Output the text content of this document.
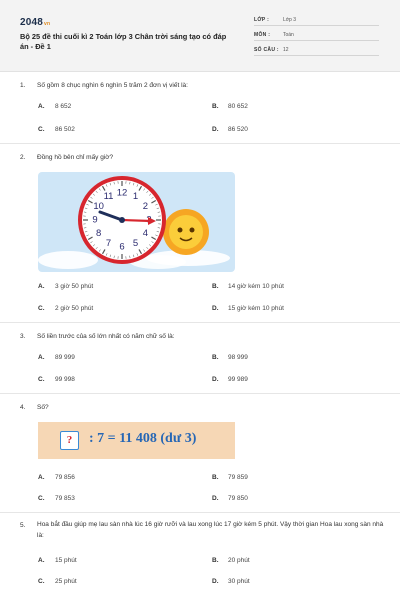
2048vn
Bộ 25 đề thi cuối kì 2 Toán lớp 3 Chân trời sáng tạo có đáp án - Đề 1
LỚP :	Lớp 3
MÔN :	Toán
SỐ CÂU : 12
1. Số gồm 8 chục nghìn 6 nghìn 5 trăm 2 đơn vị viết là:
A. 8 652	B. 80 652
C. 86 502	D. 86 520
2. Đồng hồ bên chỉ mấy giờ?
12 1
2
4
5
6
7
8
9
10
11
A. 3 giờ 50 phút	B. 14 giờ kém 10 phút
C. 2 giờ 50 phút	D. 15 giờ kém 10 phút
3. Số liền trước của số lớn nhất có năm chữ số là:
A. 89 999	B. 98 999
C. 99 998	D. 99 989
4. Số?
?	: 7 = 11 408 (dư 3)
A. 79 856	B. 79 859
C. 79 853	D. 79 850
5. Hoa bắt đầu giúp mẹ lau sàn nhà lúc 16 giờ rưỡi và lau xong lúc 17 giờ kém 5 phút. Vậy thời gian Hoa lau xong sàn nhà là:
A. 15 phút	B. 20 phút
C. 25 phút	D. 30 phút
